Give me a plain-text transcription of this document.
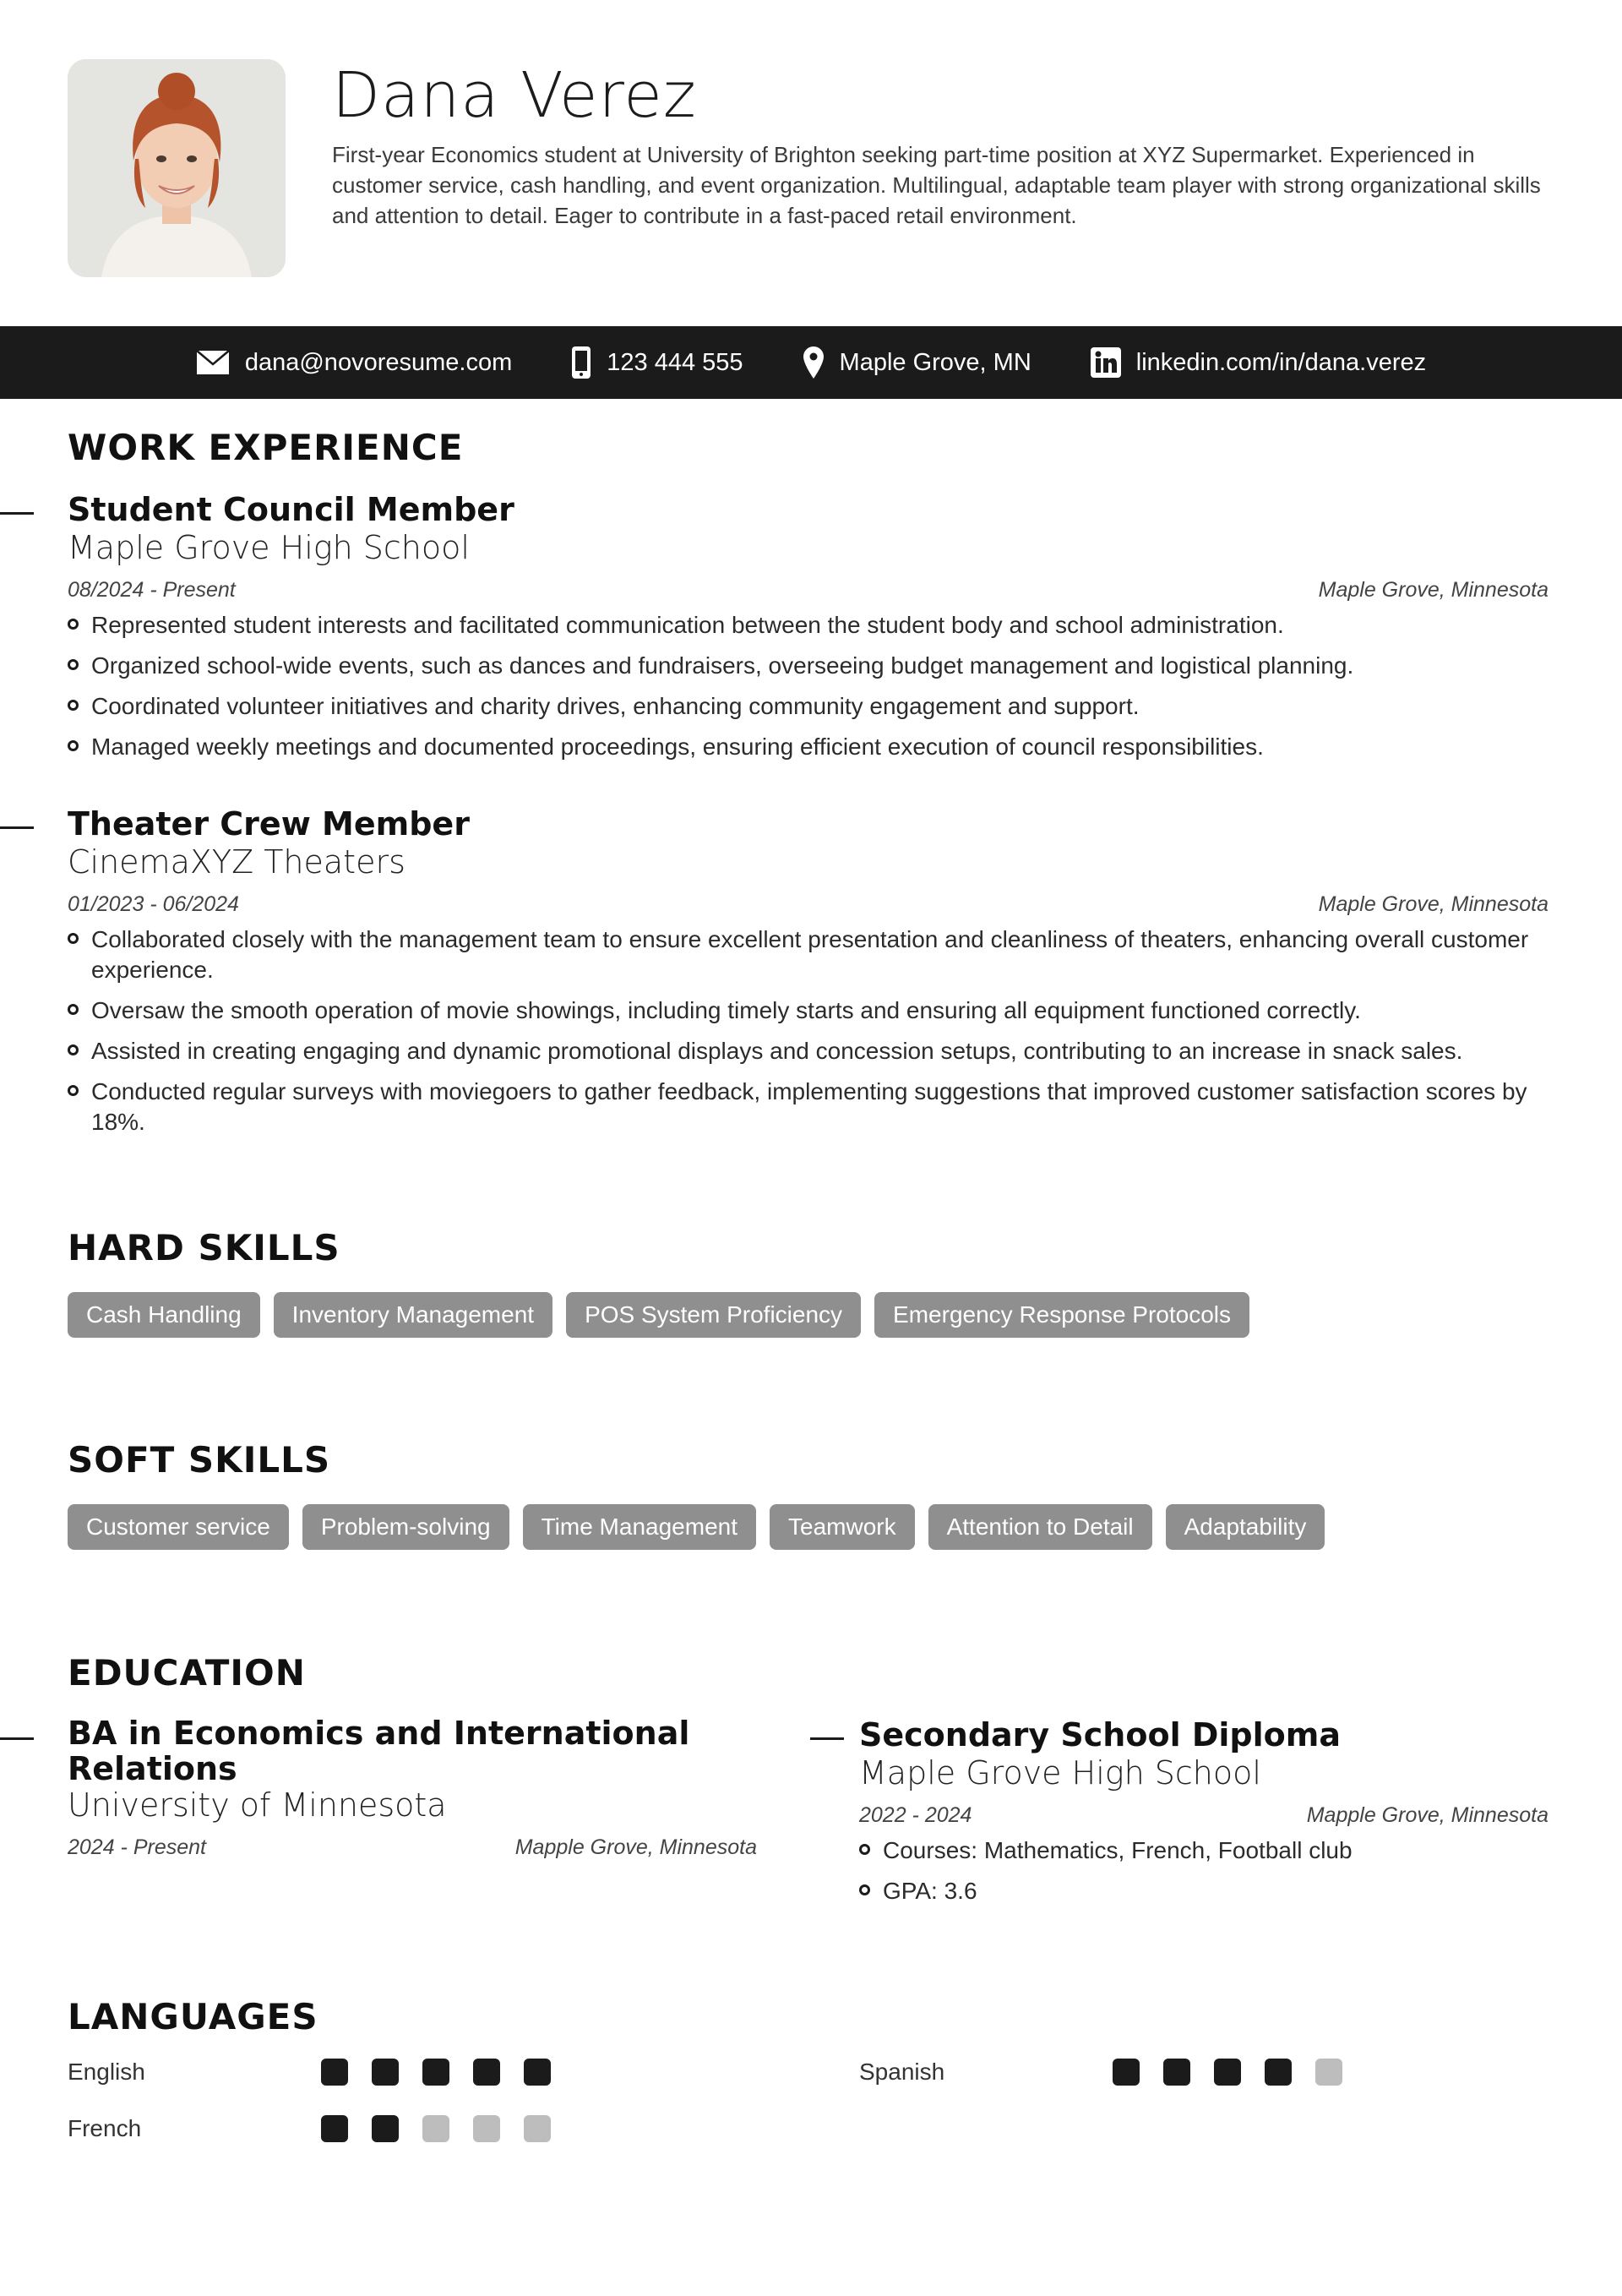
Dana Verez

First-year Economics student at University of Brighton seeking part-time position at XYZ Supermarket. Experienced in customer service, cash handling, and event organization. Multilingual, adaptable team player with strong organizational skills and attention to detail. Eager to contribute in a fast-paced retail environment.

dana@novoresume.com	123 444 555	Maple Grove, MN	linkedin.com/in/dana.verez
WORK EXPERIENCE
Student Council Member
Maple Grove High School
08/2024 - Present	Maple Grove, Minnesota
Represented student interests and facilitated communication between the student body and school administration.
Organized school-wide events, such as dances and fundraisers, overseeing budget management and logistical planning.
Coordinated volunteer initiatives and charity drives, enhancing community engagement and support.
Managed weekly meetings and documented proceedings, ensuring efficient execution of council responsibilities.
Theater Crew Member
CinemaXYZ Theaters
01/2023 - 06/2024	Maple Grove, Minnesota
Collaborated closely with the management team to ensure excellent presentation and cleanliness of theaters, enhancing overall customer experience.
Oversaw the smooth operation of movie showings, including timely starts and ensuring all equipment functioned correctly.
Assisted in creating engaging and dynamic promotional displays and concession setups, contributing to an increase in snack sales.
Conducted regular surveys with moviegoers to gather feedback, implementing suggestions that improved customer satisfaction scores by 18%.
HARD SKILLS
Cash Handling	Inventory Management	POS System Proficiency	Emergency Response Protocols
SOFT SKILLS
Customer service	Problem-solving	Time Management	Teamwork	Attention to Detail	Adaptability
EDUCATION
BA in Economics and International Relations
University of Minnesota
2024 - Present	Mapple Grove, Minnesota
Secondary School Diploma
Maple Grove High School
2022 - 2024	Mapple Grove, Minnesota
Courses: Mathematics, French, Football club
GPA: 3.6
LANGUAGES
English	Spanish
French
